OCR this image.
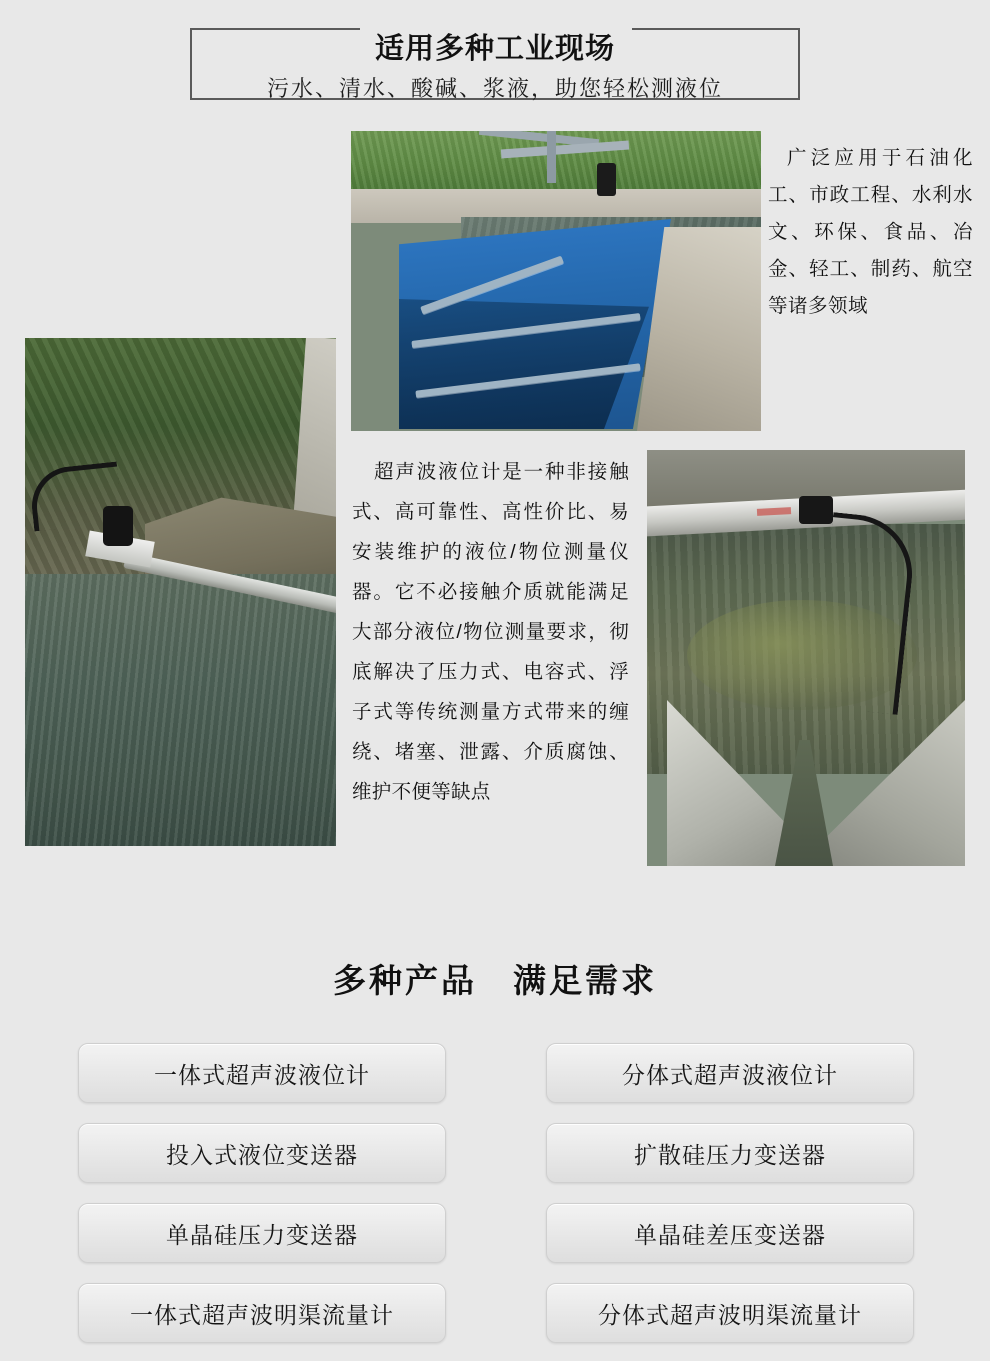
适用多种工业现场
污水、清水、酸碱、浆液，助您轻松测液位
广泛应用于石油化工、市政工程、水利水文、环保、食品、冶金、轻工、制药、航空等诸多领域
超声波液位计是一种非接触式、高可靠性、高性价比、易安装维护的液位/物位测量仪器。它不必接触介质就能满足大部分液位/物位测量要求，彻底解决了压力式、电容式、浮子式等传统测量方式带来的缠绕、堵塞、泄露、介质腐蚀、维护不便等缺点
多种产品　满足需求
一体式超声波液位计	分体式超声波液位计
投入式液位变送器	扩散硅压力变送器
单晶硅压力变送器	单晶硅差压变送器
一体式超声波明渠流量计	分体式超声波明渠流量计
